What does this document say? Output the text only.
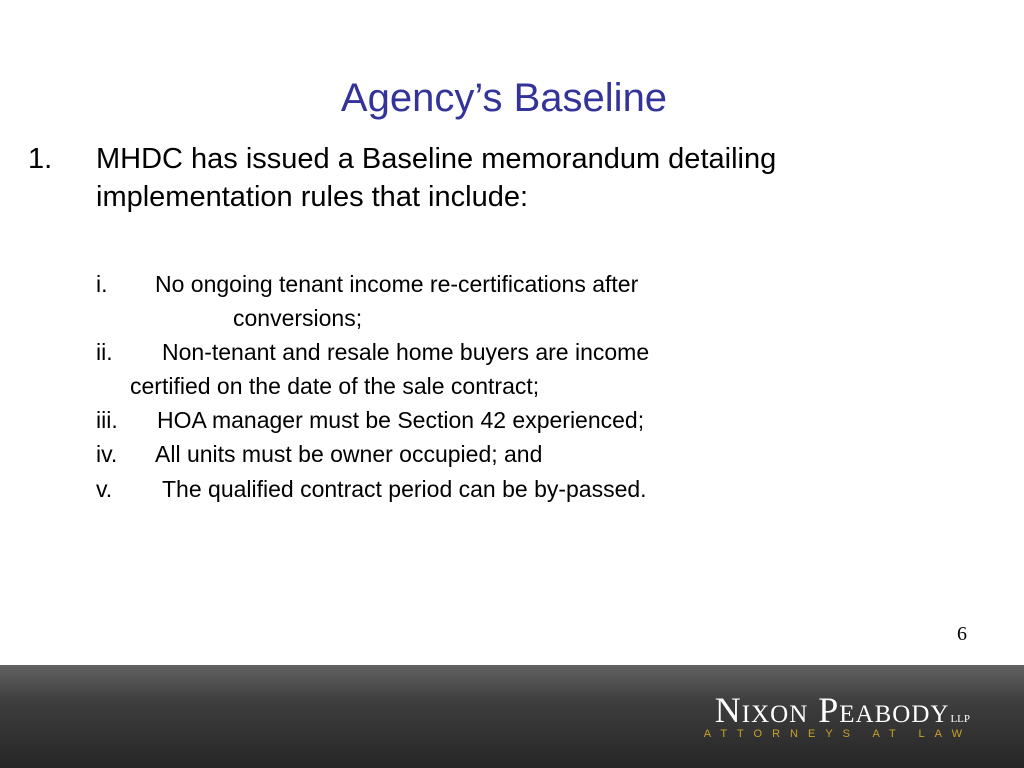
Agency’s Baseline
1. MHDC has issued a Baseline memorandum detailing
implementation rules that include:
i. No ongoing tenant income re-certifications after
conversions;
ii. Non-tenant and resale home buyers are income
certified on the date of the sale contract;
iii. HOA manager must be Section 42 experienced;
iv. All units must be owner occupied; and
v. The qualified contract period can be by-passed.
6
Nixon PeabodyLLP
ATTORNEYS AT LAW
